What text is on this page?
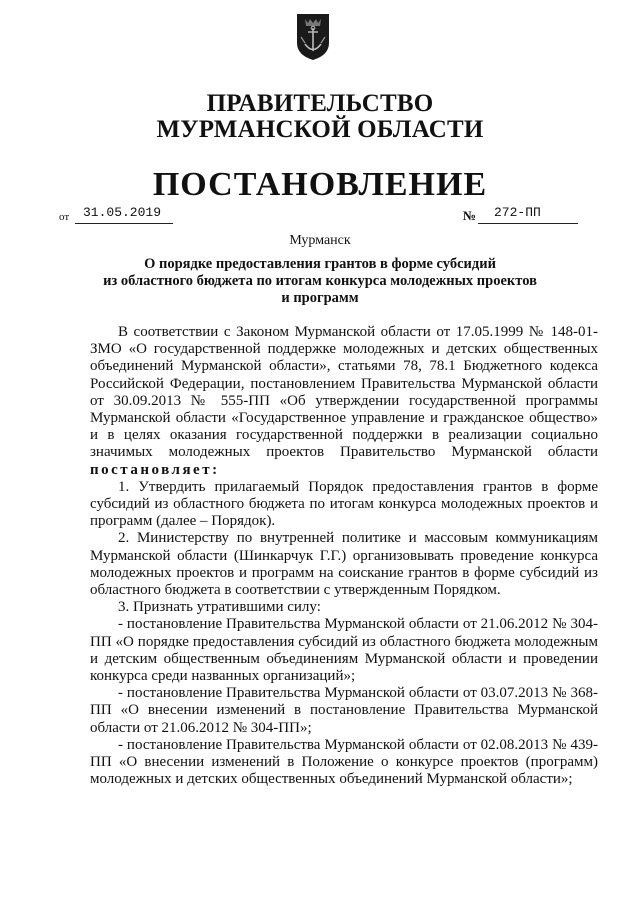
ПРАВИТЕЛЬСТВО
МУРМАНСКОЙ ОБЛАСТИ
ПОСТАНОВЛЕНИЕ
от 31.05.2019	№ 272-ПП
Мурманск
О порядке предоставления грантов в форме субсидий
из областного бюджета по итогам конкурса молодежных проектов
и программ

В соответствии с Законом Мурманской области от 17.05.1999 № 148-01-ЗМО «О государственной поддержке молодежных и детских общественных объединений Мурманской области», статьями 78, 78.1 Бюджетного кодекса Российской Федерации, постановлением Правительства Мурманской области от 30.09.2013 № 555-ПП «Об утверждении государственной программы Мурманской области «Государственное управление и гражданское общество» и в целях оказания государственной поддержки в реализации социально значимых молодежных проектов Правительство Мурманской области постановляет:

1. Утвердить прилагаемый Порядок предоставления грантов в форме субсидий из областного бюджета по итогам конкурса молодежных проектов и программ (далее – Порядок).

2. Министерству по внутренней политике и массовым коммуникациям Мурманской области (Шинкарчук Г.Г.) организовывать проведение конкурса молодежных проектов и программ на соискание грантов в форме субсидий из областного бюджета в соответствии с утвержденным Порядком.

3. Признать утратившими силу:

- постановление Правительства Мурманской области от 21.06.2012 № 304-ПП «О порядке предоставления субсидий из областного бюджета молодежным и детским общественным объединениям Мурманской области и проведении конкурса среди названных организаций»;

- постановление Правительства Мурманской области от 03.07.2013 № 368-ПП «О внесении изменений в постановление Правительства Мурманской области от 21.06.2012 № 304-ПП»;

- постановление Правительства Мурманской области от 02.08.2013 № 439-ПП «О внесении изменений в Положение о конкурсе проектов (программ) молодежных и детских общественных объединений Мурманской области»;
